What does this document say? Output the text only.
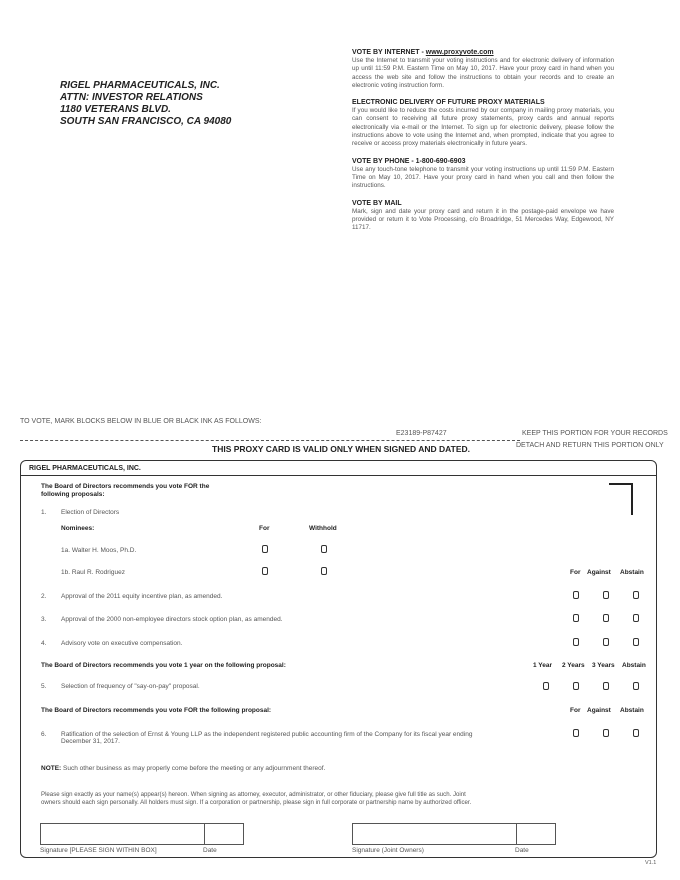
RIGEL PHARMACEUTICALS, INC.
ATTN: INVESTOR RELATIONS
1180 VETERANS BLVD.
SOUTH SAN FRANCISCO, CA 94080
VOTE BY INTERNET - www.proxyvote.com

Use the Internet to transmit your voting instructions and for electronic delivery of information up until 11:59 P.M. Eastern Time on May 10, 2017. Have your proxy card in hand when you access the web site and follow the instructions to obtain your records and to create an electronic voting instruction form.

ELECTRONIC DELIVERY OF FUTURE PROXY MATERIALS

If you would like to reduce the costs incurred by our company in mailing proxy materials, you can consent to receiving all future proxy statements, proxy cards and annual reports electronically via e-mail or the Internet. To sign up for electronic delivery, please follow the instructions above to vote using the Internet and, when prompted, indicate that you agree to receive or access proxy materials electronically in future years.

VOTE BY PHONE - 1-800-690-6903

Use any touch-tone telephone to transmit your voting instructions up until 11:59 P.M. Eastern Time on May 10, 2017. Have your proxy card in hand when you call and then follow the instructions.

VOTE BY MAIL

Mark, sign and date your proxy card and return it in the postage-paid envelope we have provided or return it to Vote Processing, c/o Broadridge, 51 Mercedes Way, Edgewood, NY 11717.

TO VOTE, MARK BLOCKS BELOW IN BLUE OR BLACK INK AS FOLLOWS:
E23189-P87427	KEEP THIS PORTION FOR YOUR RECORDS
THIS PROXY CARD IS VALID ONLY WHEN SIGNED AND DATED.	DETACH AND RETURN THIS PORTION ONLY
RIGEL PHARMACEUTICALS, INC.
The Board of Directors recommends you vote FOR the
following proposals:
1. Election of Directors
Nominees:	For	Withhold
1a. Walter H. Moos, Ph.D.
1b. Raul R. Rodriguez	For Against Abstain
2. Approval of the 2011 equity incentive plan, as amended.
3. Approval of the 2000 non-employee directors stock option plan, as amended.
4. Advisory vote on executive compensation.
The Board of Directors recommends you vote 1 year on the following proposal:	1 Year 2 Years 3 Years Abstain
5. Selection of frequency of "say-on-pay" proposal.
The Board of Directors recommends you vote FOR the following proposal:	For Against Abstain
6. Ratification of the selection of Ernst & Young LLP as the independent registered public accounting firm of the Company for its fiscal year ending
December 31, 2017.
NOTE: Such other business as may properly come before the meeting or any adjournment thereof.
Please sign exactly as your name(s) appear(s) hereon. When signing as attorney, executor, administrator, or other fiduciary, please give full title as such. Joint
owners should each sign personally. All holders must sign. If a corporation or partnership, please sign in full corporate or partnership name by authorized officer.
Signature [PLEASE SIGN WITHIN BOX]	Date	Signature (Joint Owners)	Date
V1.1
